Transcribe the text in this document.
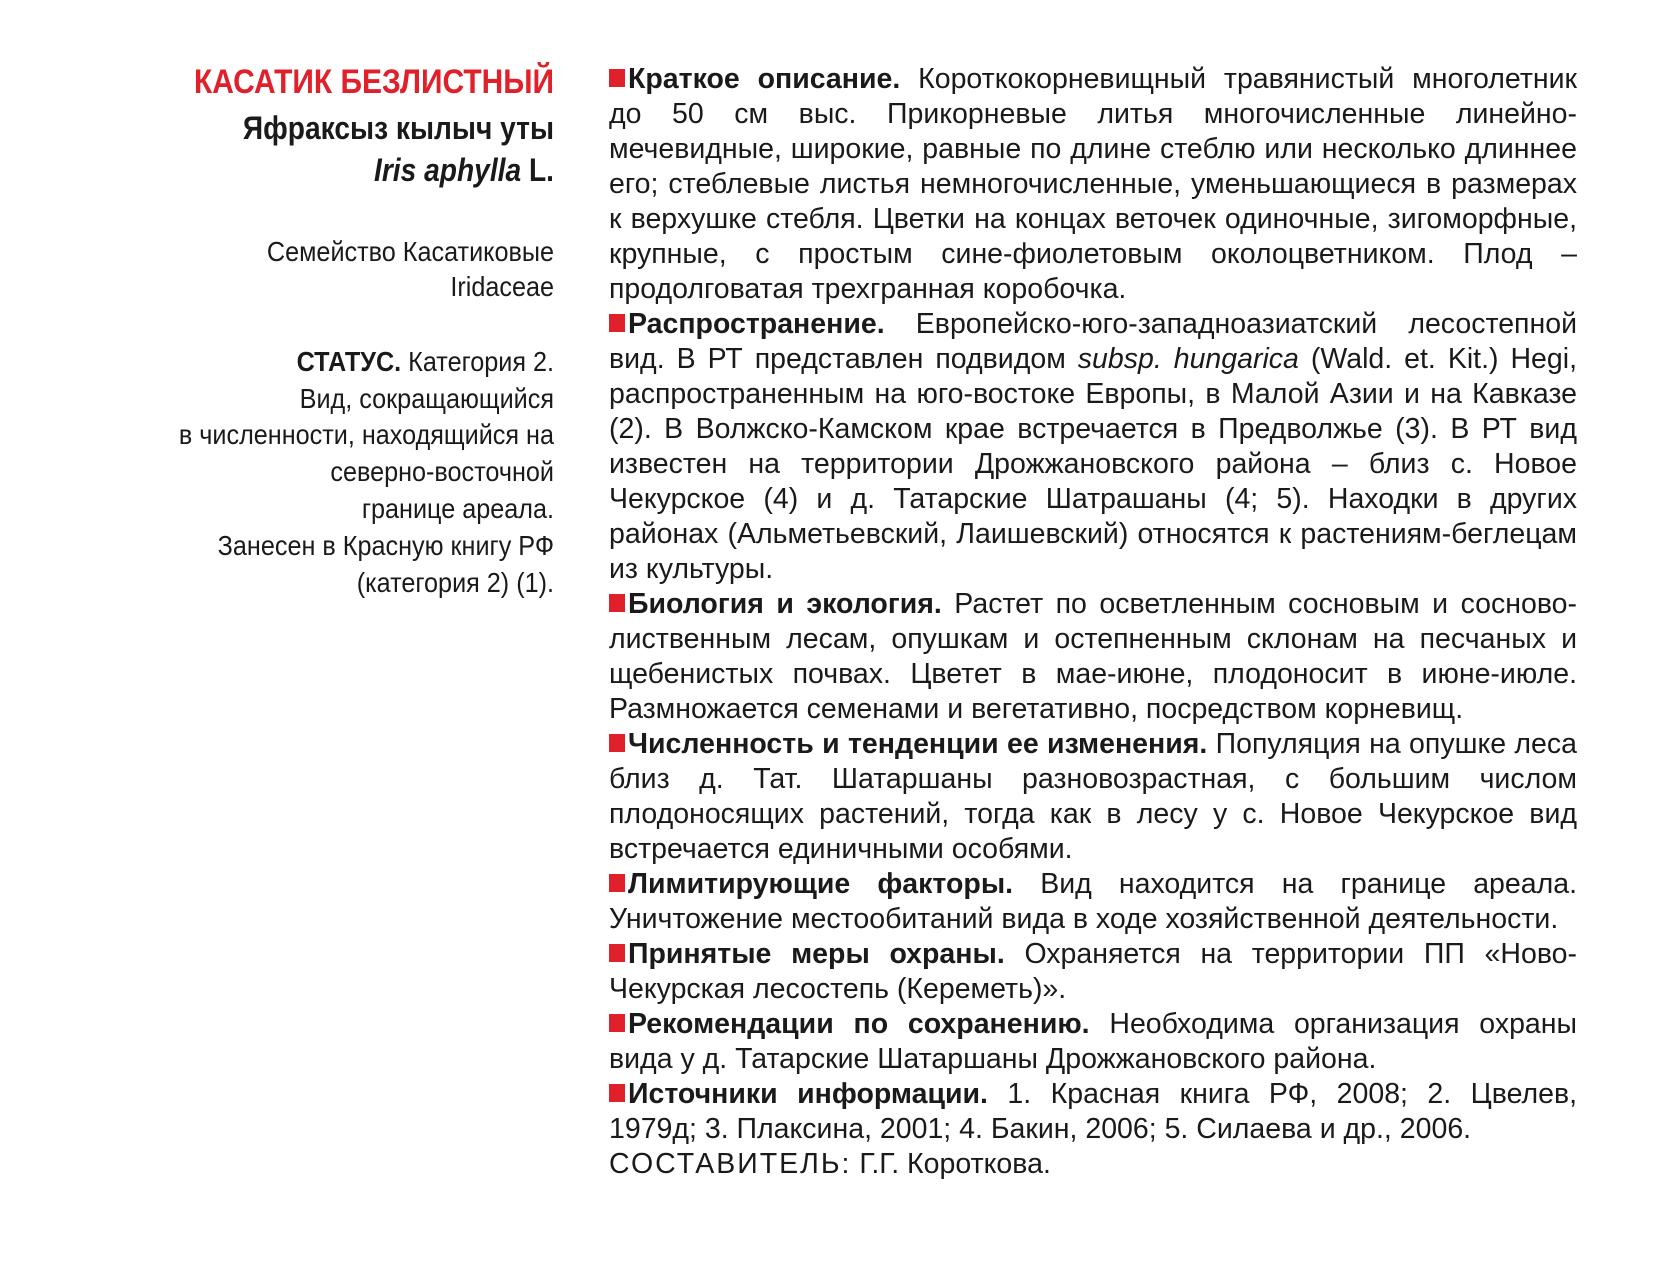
КАСАТИК БЕЗЛИСТНЫЙ
Яфраксыз кылыч уты
Iris aphylla L.
Семейство Касатиковые
Iridaceae
СТАТУС. Категория 2.
Вид, сокращающийся
в численности, находящийся на
северно-восточной
границе ареала.
Занесен в Красную книгу РФ
(категория 2) (1).

Краткое описание. Короткокорневищный травянистый многолетник до 50 см выс. Прикорневые литья многочисленные линейно-мечевидные, широкие, равные по длине стеблю или несколько длиннее его; стеблевые листья немногочисленные, уменьшающиеся в размерах к верхушке стебля. Цветки на концах веточек одиночные, зигоморфные, крупные, с простым сине-фиолетовым околоцветником. Плод – продолговатая трехгранная коробочка.

Распространение. Европейско-юго-западноазиатский лесостепной вид. В РТ представлен подвидом subsp. hungarica (Wald. et. Kit.) Hegi, распространенным на юго-востоке Европы, в Малой Азии и на Кавказе (2). В Волжско-Камском крае встречается в Предволжье (3). В РТ вид известен на территории Дрожжановского района – близ с. Новое Чекурское (4) и д. Татарские Шатрашаны (4; 5). Находки в других районах (Альметьевский, Лаишевский) относятся к растениям-беглецам из культуры.

Биология и экология. Растет по осветленным сосновым и сосново-лиственным лесам, опушкам и остепненным склонам на песчаных и щебенистых почвах. Цветет в мае-июне, плодоносит в июне-июле. Размножается семенами и вегетативно, посредством корневищ.

Численность и тенденции ее изменения. Популяция на опушке леса близ д. Тат. Шатаршаны разновозрастная, с большим числом плодоносящих растений, тогда как в лесу у с. Новое Чекурское вид встречается единичными особями.

Лимитирующие факторы. Вид находится на границе ареала. Уничтожение местообитаний вида в ходе хозяйственной деятельности.

Принятые меры охраны. Охраняется на территории ПП «Ново-Чекурская лесостепь (Кереметь)».

Рекомендации по сохранению. Необходима организация охраны вида у д. Татарские Шатаршаны Дрожжановского района.

Источники информации. 1. Красная книга РФ, 2008; 2. Цвелев, 1979д; 3. Плаксина, 2001; 4. Бакин, 2006; 5. Силаева и др., 2006.

СОСТАВИТЕЛЬ: Г.Г. Короткова.
